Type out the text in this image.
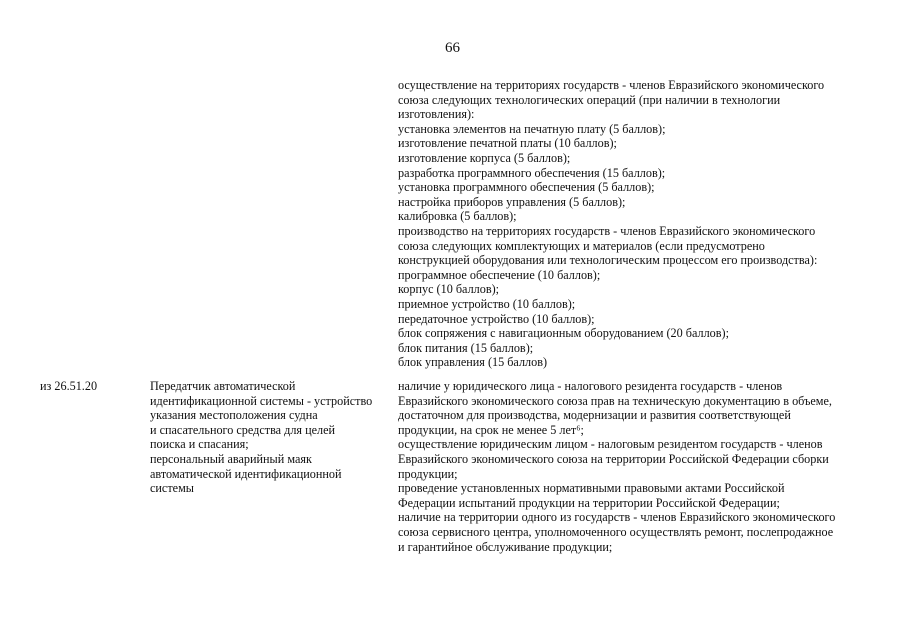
66
осуществление на территориях государств - членов Евразийского экономического
союза следующих технологических операций (при наличии в технологии
изготовления):
установка элементов на печатную плату (5 баллов);
изготовление печатной платы (10 баллов);
изготовление корпуса (5 баллов);
разработка программного обеспечения (15 баллов);
установка программного обеспечения (5 баллов);
настройка приборов управления (5 баллов);
калибровка (5 баллов);
производство на территориях государств - членов Евразийского экономического
союза следующих комплектующих и материалов (если предусмотрено
конструкцией оборудования или технологическим процессом его производства):
программное обеспечение (10 баллов);
корпус (10 баллов);
приемное устройство (10 баллов);
передаточное устройство (10 баллов);
блок сопряжения с навигационным оборудованием (20 баллов);
блок питания (15 баллов);
блок управления (15 баллов)
из 26.51.20	Передатчик автоматической
идентификационной системы - устройство
указания местоположения судна
и спасательного средства для целей
поиска и спасания;
персональный аварийный маяк
автоматической идентификационной
системы
наличие у юридического лица - налогового резидента государств - членов
Евразийского экономического союза прав на техническую документацию в объеме,
достаточном для производства, модернизации и развития соответствующей
продукции, на срок не менее 5 лет⁶;
осуществление юридическим лицом - налоговым резидентом государств - членов
Евразийского экономического союза на территории Российской Федерации сборки
продукции;
проведение установленных нормативными правовыми актами Российской
Федерации испытаний продукции на территории Российской Федерации;
наличие на территории одного из государств - членов Евразийского экономического
союза сервисного центра, уполномоченного осуществлять ремонт, послепродажное
и гарантийное обслуживание продукции;
